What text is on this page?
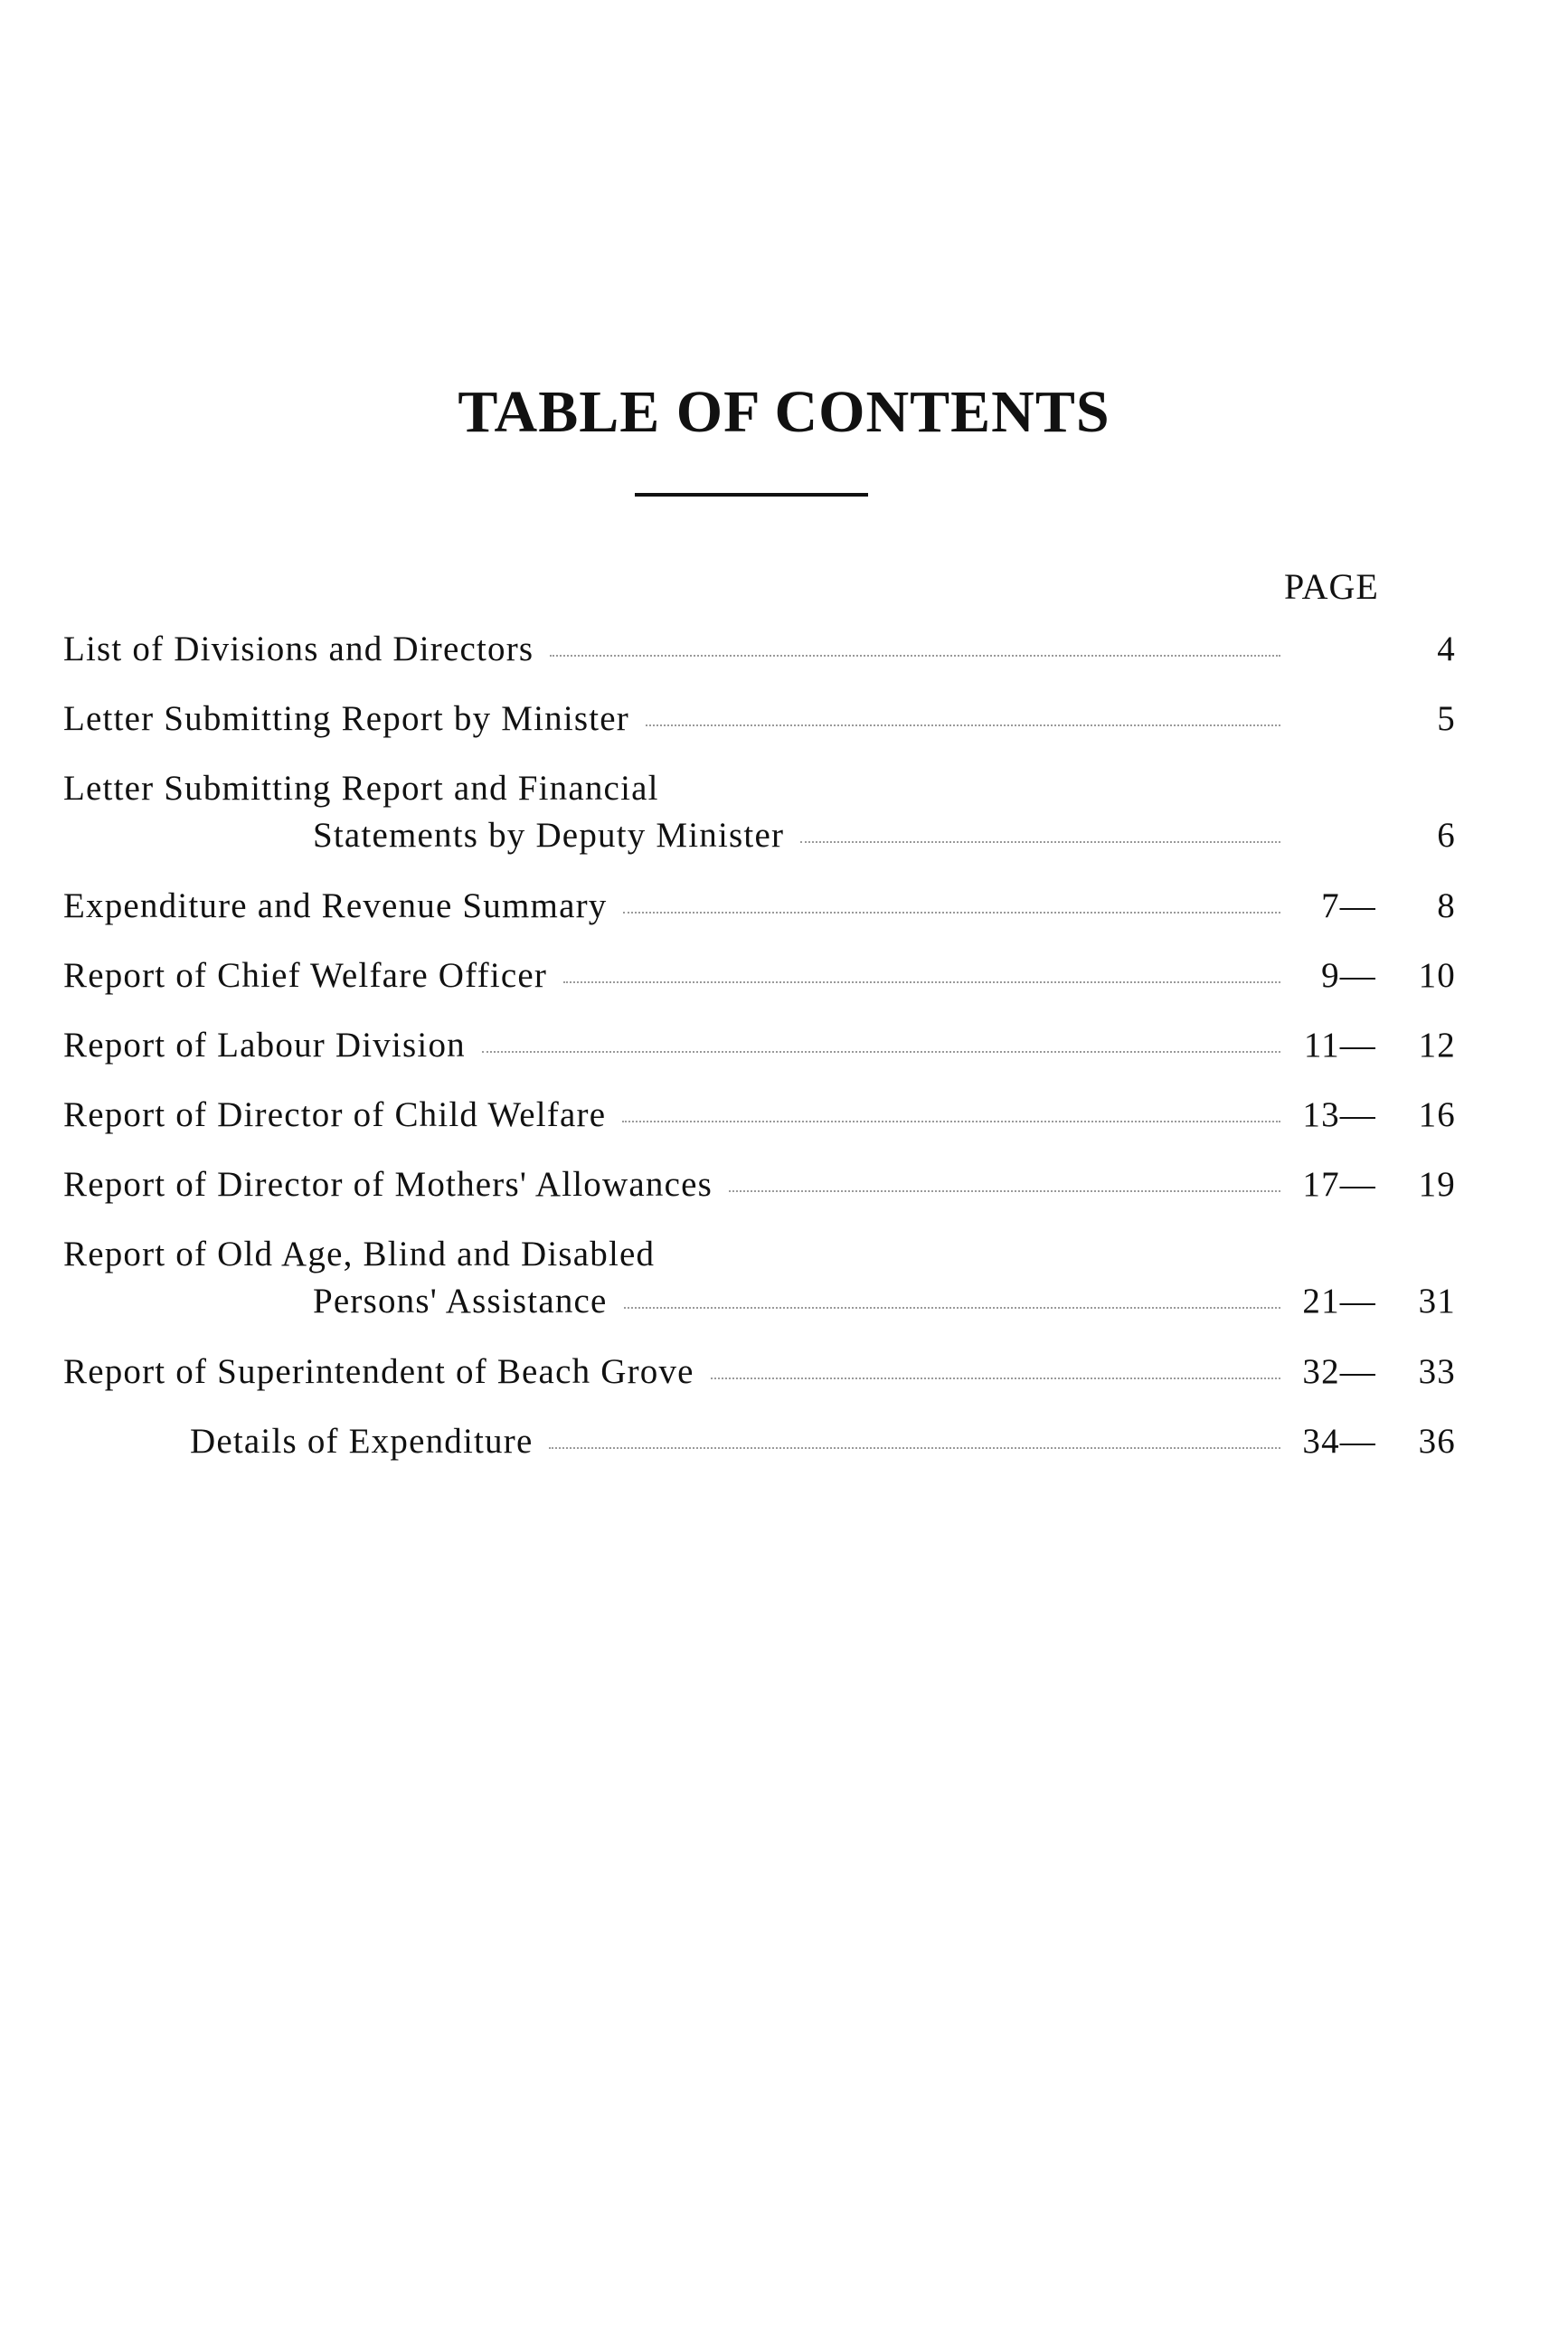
TABLE OF CONTENTS
PAGE
List of Divisions and Directors	4
Letter Submitting Report by Minister	5
Letter Submitting Report and Financial
Statements by Deputy Minister	6
Expenditure and Revenue Summary	7— 8
Report of Chief Welfare Officer	9— 10
Report of Labour Division	11— 12
Report of Director of Child Welfare	13— 16
Report of Director of Mothers' Allowances	17— 19
Report of Old Age, Blind and Disabled
Persons' Assistance	21— 31
Report of Superintendent of Beach Grove	32— 33
Details of Expenditure	34— 36
